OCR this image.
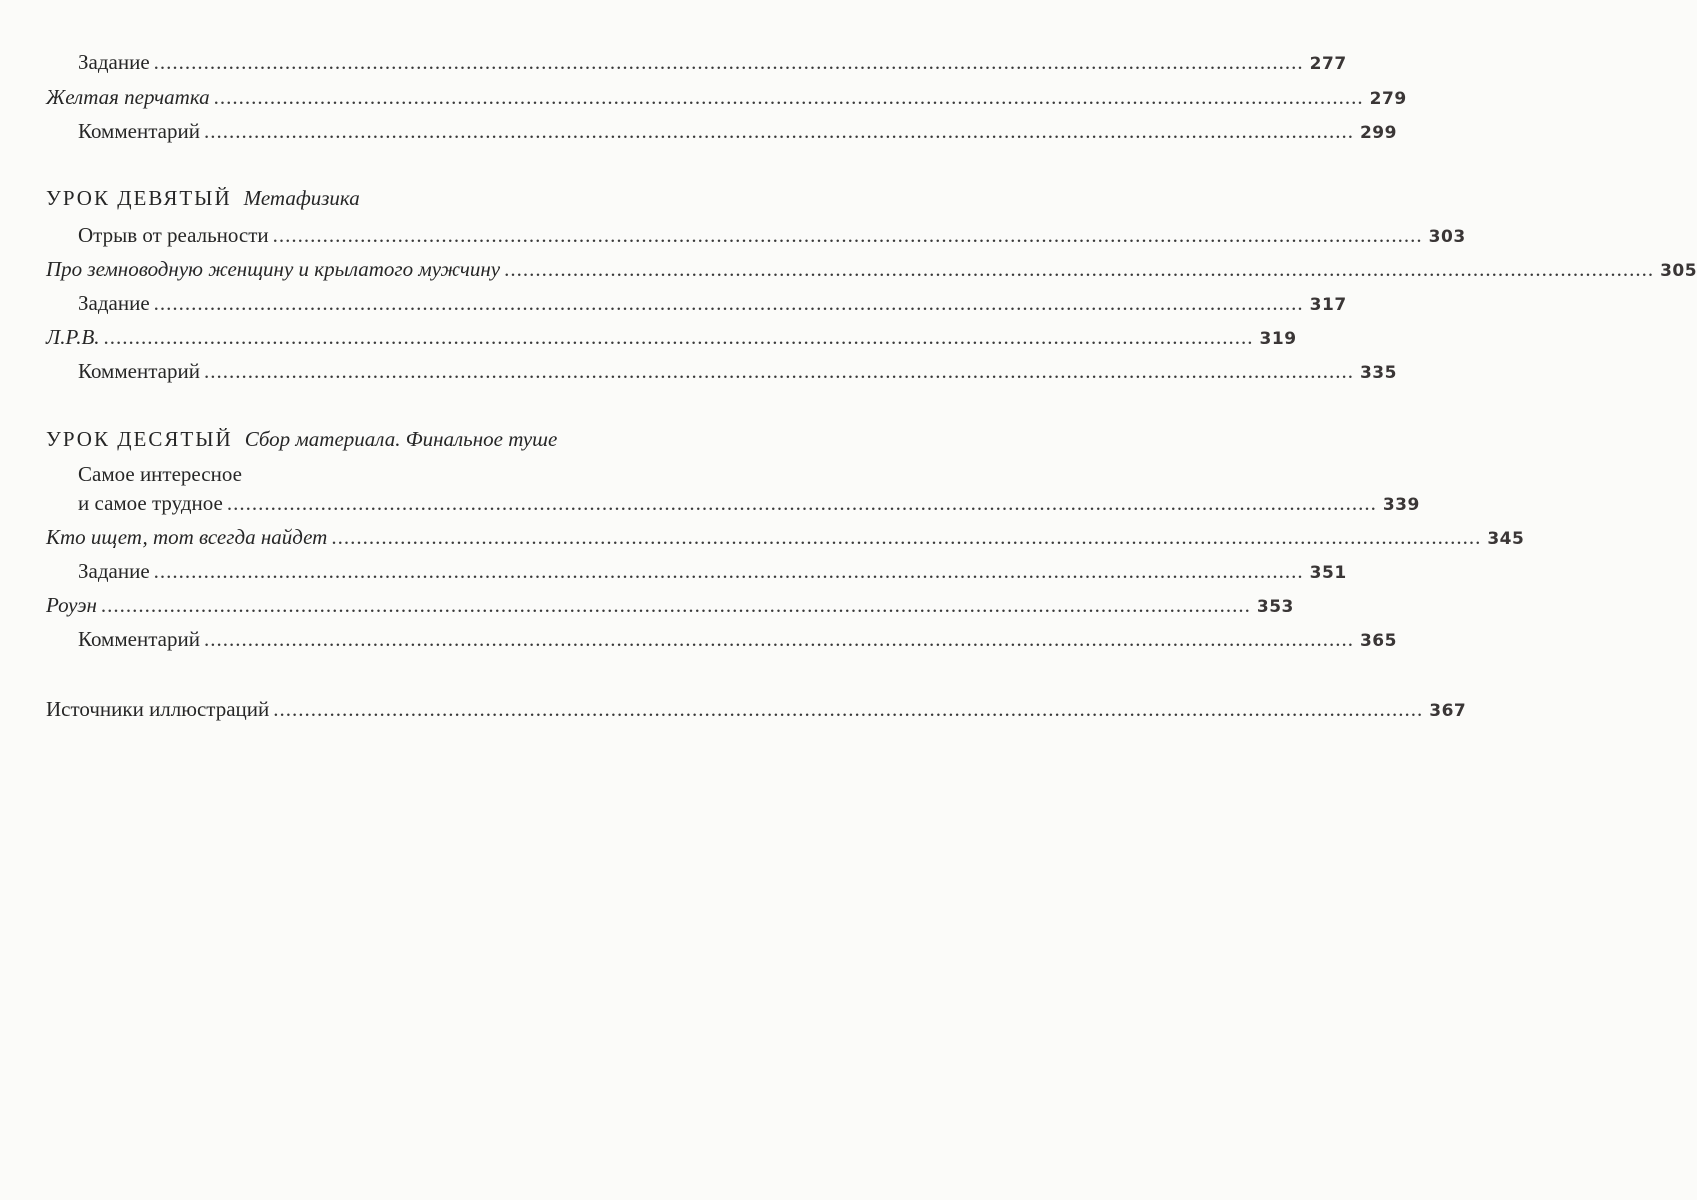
Задание ........................................................................................................................................................................................ 277
Желтая перчатка ........................................................................................................................................................................................ 279
Комментарий ........................................................................................................................................................................................ 299
УРОК ДЕВЯТЫЙ Метафизика
Отрыв от реальности ........................................................................................................................................................................................ 303
Про земноводную женщину и крылатого мужчину ........................................................................................................................................................................................ 305
Задание ........................................................................................................................................................................................ 317
Л.Р.В. ........................................................................................................................................................................................ 319
Комментарий ........................................................................................................................................................................................ 335
УРОК ДЕСЯТЫЙ Сбор материала. Финальное туше
Самое интересное
и самое трудное ........................................................................................................................................................................................ 339
Кто ищет, тот всегда найдет ........................................................................................................................................................................................ 345
Задание ........................................................................................................................................................................................ 351
Роуэн ........................................................................................................................................................................................ 353
Комментарий ........................................................................................................................................................................................ 365
Источники иллюстраций ........................................................................................................................................................................................ 367
